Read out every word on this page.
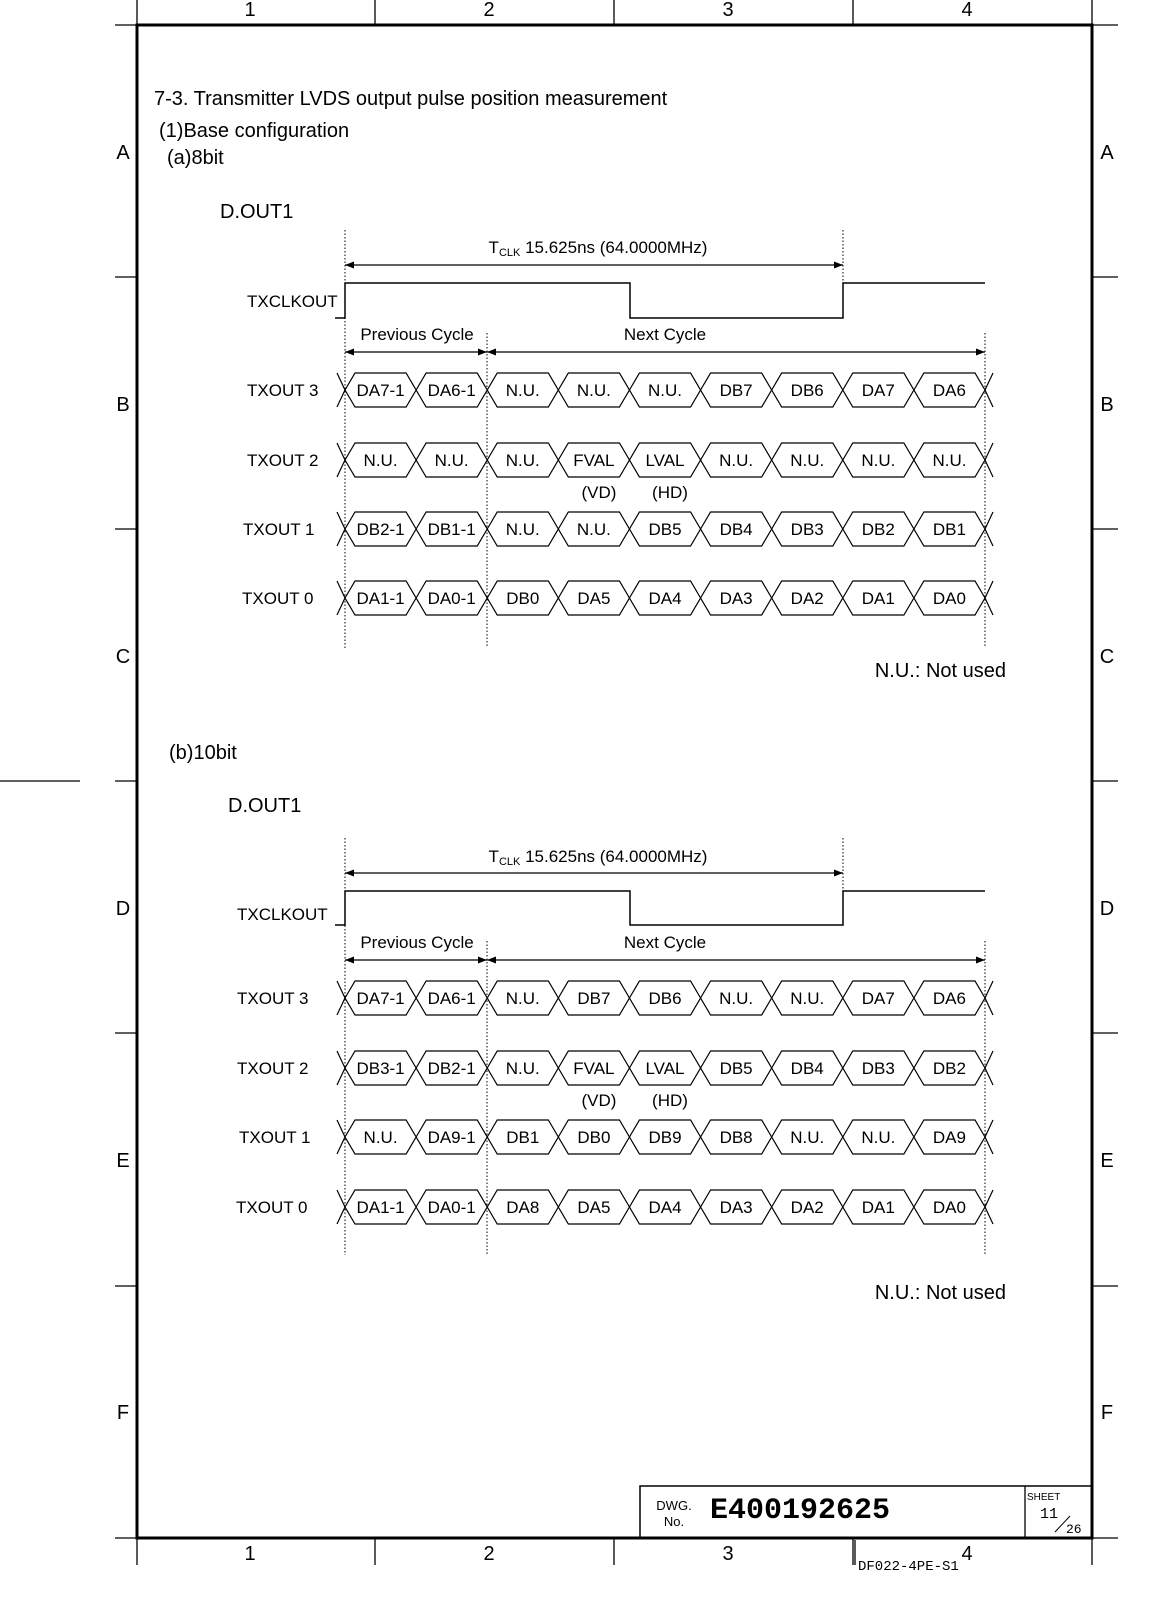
1
1
2
2
3
3
4
4
A	A
B	B
C	C
D	D
E	E
F	F
7-3. Transmitter LVDS output pulse position measurement
(1)Base configuration
(a)8bit
D.OUT1
TCLK 15.625ns (64.0000MHz)
TXCLKOUT
Previous Cycle	Next Cycle
TXOUT 3 DA7-1 DA6-1 N.U. N.U. N.U. DB7 DB6 DA7 DA6
TXOUT 2	N.U. N.U. N.U. FVAL LVAL N.U. N.U. N.U. N.U.
TXOUT 1 DB2-1 DB1-1 N.U. N.U. DB5 DB4 DB3 DB2 DB1
TXOUT 0	DA1-1 DA0-1 DB0 DA5 DA4 DA3 DA2 DA1 DA0
(VD) (HD)
N.U.: Not used
(b)10bit
D.OUT1
TCLK 15.625ns (64.0000MHz)
TXCLKOUT
Previous Cycle	Next Cycle
TXOUT 3	DA7-1 DA6-1 N.U. DB7 DB6 N.U. N.U. DA7 DA6
TXOUT 2	DB3-1 DB2-1 N.U. FVAL LVAL DB5 DB4 DB3 DB2
TXOUT 1	N.U. DA9-1 DB1 DB0 DB9 DB8 N.U. N.U. DA9
TXOUT 0	DA1-1 DA0-1 DA8 DA5 DA4 DA3 DA2 DA1 DA0
(VD) (HD)
N.U.: Not used
DWG.
No. E400192625	SHEET
11
26
DF022-4PE-S1
